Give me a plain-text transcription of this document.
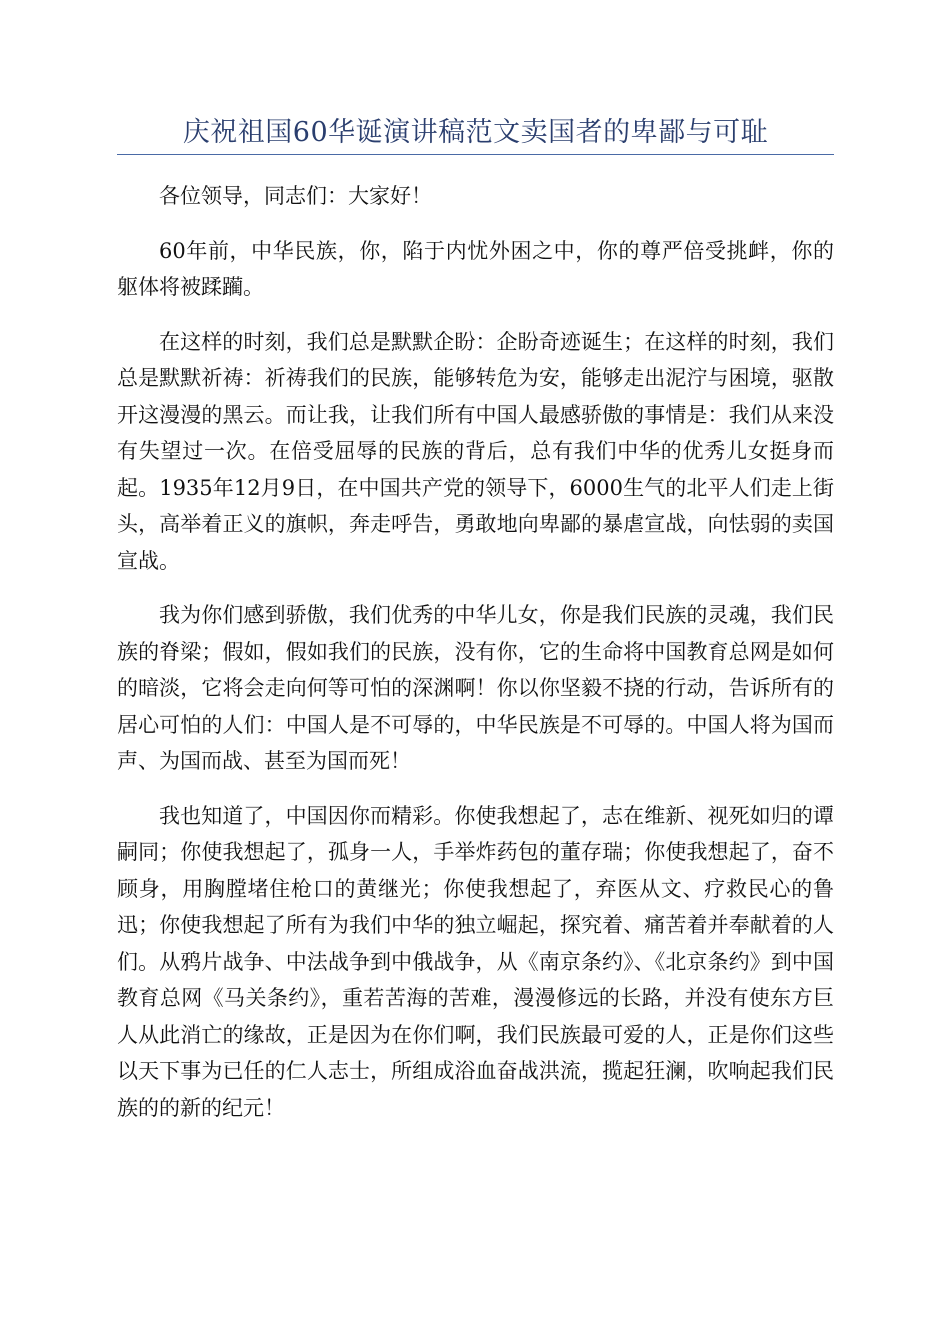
庆祝祖国60华诞演讲稿范文卖国者的卑鄙与可耻

各位领导，同志们：大家好！

60年前，中华民族，你，陷于内忧外困之中，你的尊严倍受挑衅，你的躯体将被蹂躏。

在这样的时刻，我们总是默默企盼：企盼奇迹诞生；在这样的时刻，我们总是默默祈祷：祈祷我们的民族，能够转危为安，能够走出泥泞与困境，驱散开这漫漫的黑云。而让我，让我们所有中国人最感骄傲的事情是：我们从来没有失望过一次。在倍受屈辱的民族的背后，总有我们中华的优秀儿女挺身而起。1935年12月9日，在中国共产党的领导下，6000生气的北平人们走上街头，高举着正义的旗帜，奔走呼告，勇敢地向卑鄙的暴虐宣战，向怯弱的卖国宣战。

我为你们感到骄傲，我们优秀的中华儿女，你是我们民族的灵魂，我们民族的脊梁；假如，假如我们的民族，没有你，它的生命将中国教育总网是如何的暗淡，它将会走向何等可怕的深渊啊！你以你坚毅不挠的行动，告诉所有的居心可怕的人们：中国人是不可辱的，中华民族是不可辱的。中国人将为国而声、为国而战、甚至为国而死！

我也知道了，中国因你而精彩。你使我想起了，志在维新、视死如归的谭嗣同；你使我想起了，孤身一人，手举炸药包的董存瑞；你使我想起了，奋不顾身，用胸膛堵住枪口的黄继光；你使我想起了，弃医从文、疗救民心的鲁迅；你使我想起了所有为我们中华的独立崛起，探究着、痛苦着并奉献着的人们。从鸦片战争、中法战争到中俄战争，从《南京条约》、《北京条约》到中国教育总网《马关条约》，重若苦海的苦难，漫漫修远的长路，并没有使东方巨人从此消亡的缘故，正是因为在你们啊，我们民族最可爱的人，正是你们这些以天下事为已任的仁人志士，所组成浴血奋战洪流，揽起狂澜，吹响起我们民族的的新的纪元！
